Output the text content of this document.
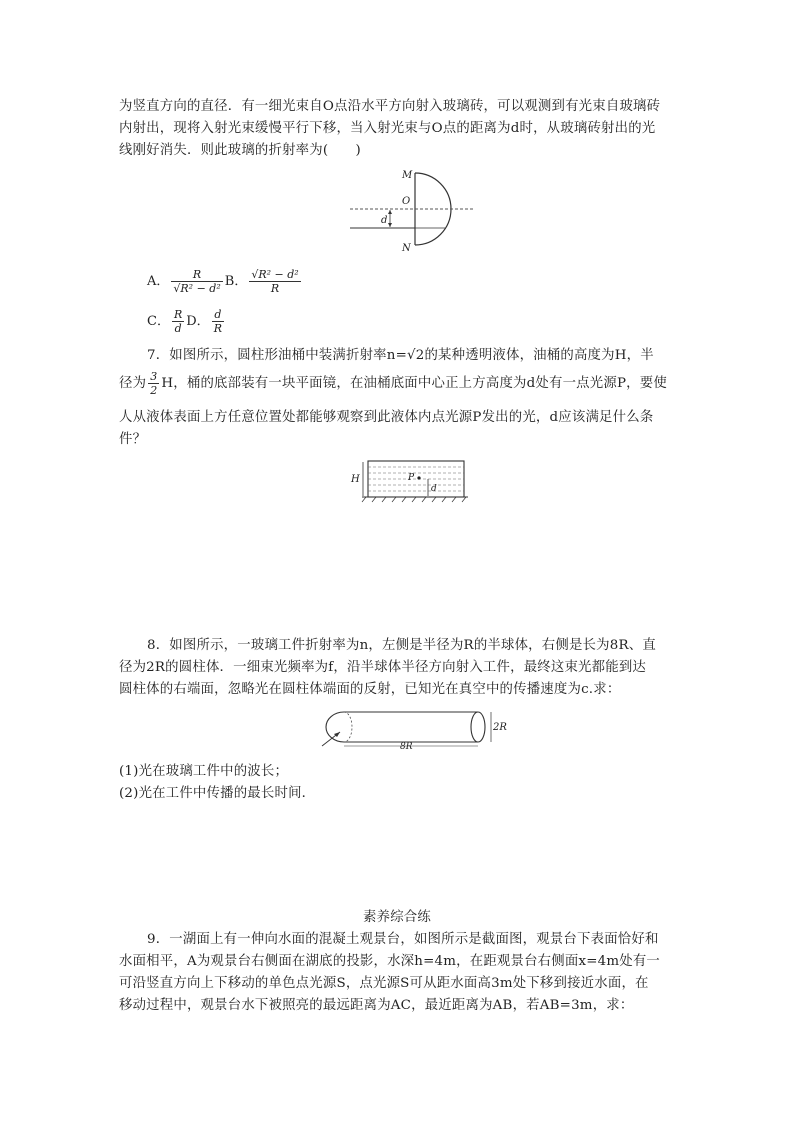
为竖直方向的直径．有一细光束自O点沿水平方向射入玻璃砖，可以观测到有光束自玻璃砖
内射出，现将入射光束缓慢平行下移，当入射光束与O点的距离为d时，从玻璃砖射出的光
线刚好消失．则此玻璃的折射率为(　　)
M
O
d
N
A． $\frac{R}{\text{√R² − d²}}$ B． $\frac{\text{√R² − d²}}{R}$
C． $\frac{R}{d}$ D． $\frac{d}{R}$
7．如图所示，圆柱形油桶中装满折射率n=√2的某种透明液体，油桶的高度为H，半
径为 $\frac{3}{2}$ H，桶的底部装有一块平面镜，在油桶底面中心正上方高度为d处有一点光源P，要使
人从液体表面上方任意位置处都能够观察到此液体内点光源P发出的光，d应该满足什么条
件？
H	P
d
8．如图所示，一玻璃工件折射率为n，左侧是半径为R的半球体，右侧是长为8R、直
径为2R的圆柱体．一细束光频率为f，沿半球体半径方向射入工件，最终这束光都能到达
圆柱体的右端面，忽略光在圆柱体端面的反射，已知光在真空中的传播速度为c.求：
2R
8R
(1)光在玻璃工件中的波长；
(2)光在工件中传播的最长时间．
素养综合练
9．一湖面上有一伸向水面的混凝土观景台，如图所示是截面图，观景台下表面恰好和
水面相平，A为观景台右侧面在湖底的投影，水深h=4m，在距观景台右侧面x=4m处有一
可沿竖直方向上下移动的单色点光源S，点光源S可从距水面高3m处下移到接近水面，在
移动过程中，观景台水下被照亮的最远距离为AC，最近距离为AB，若AB=3m，求：
